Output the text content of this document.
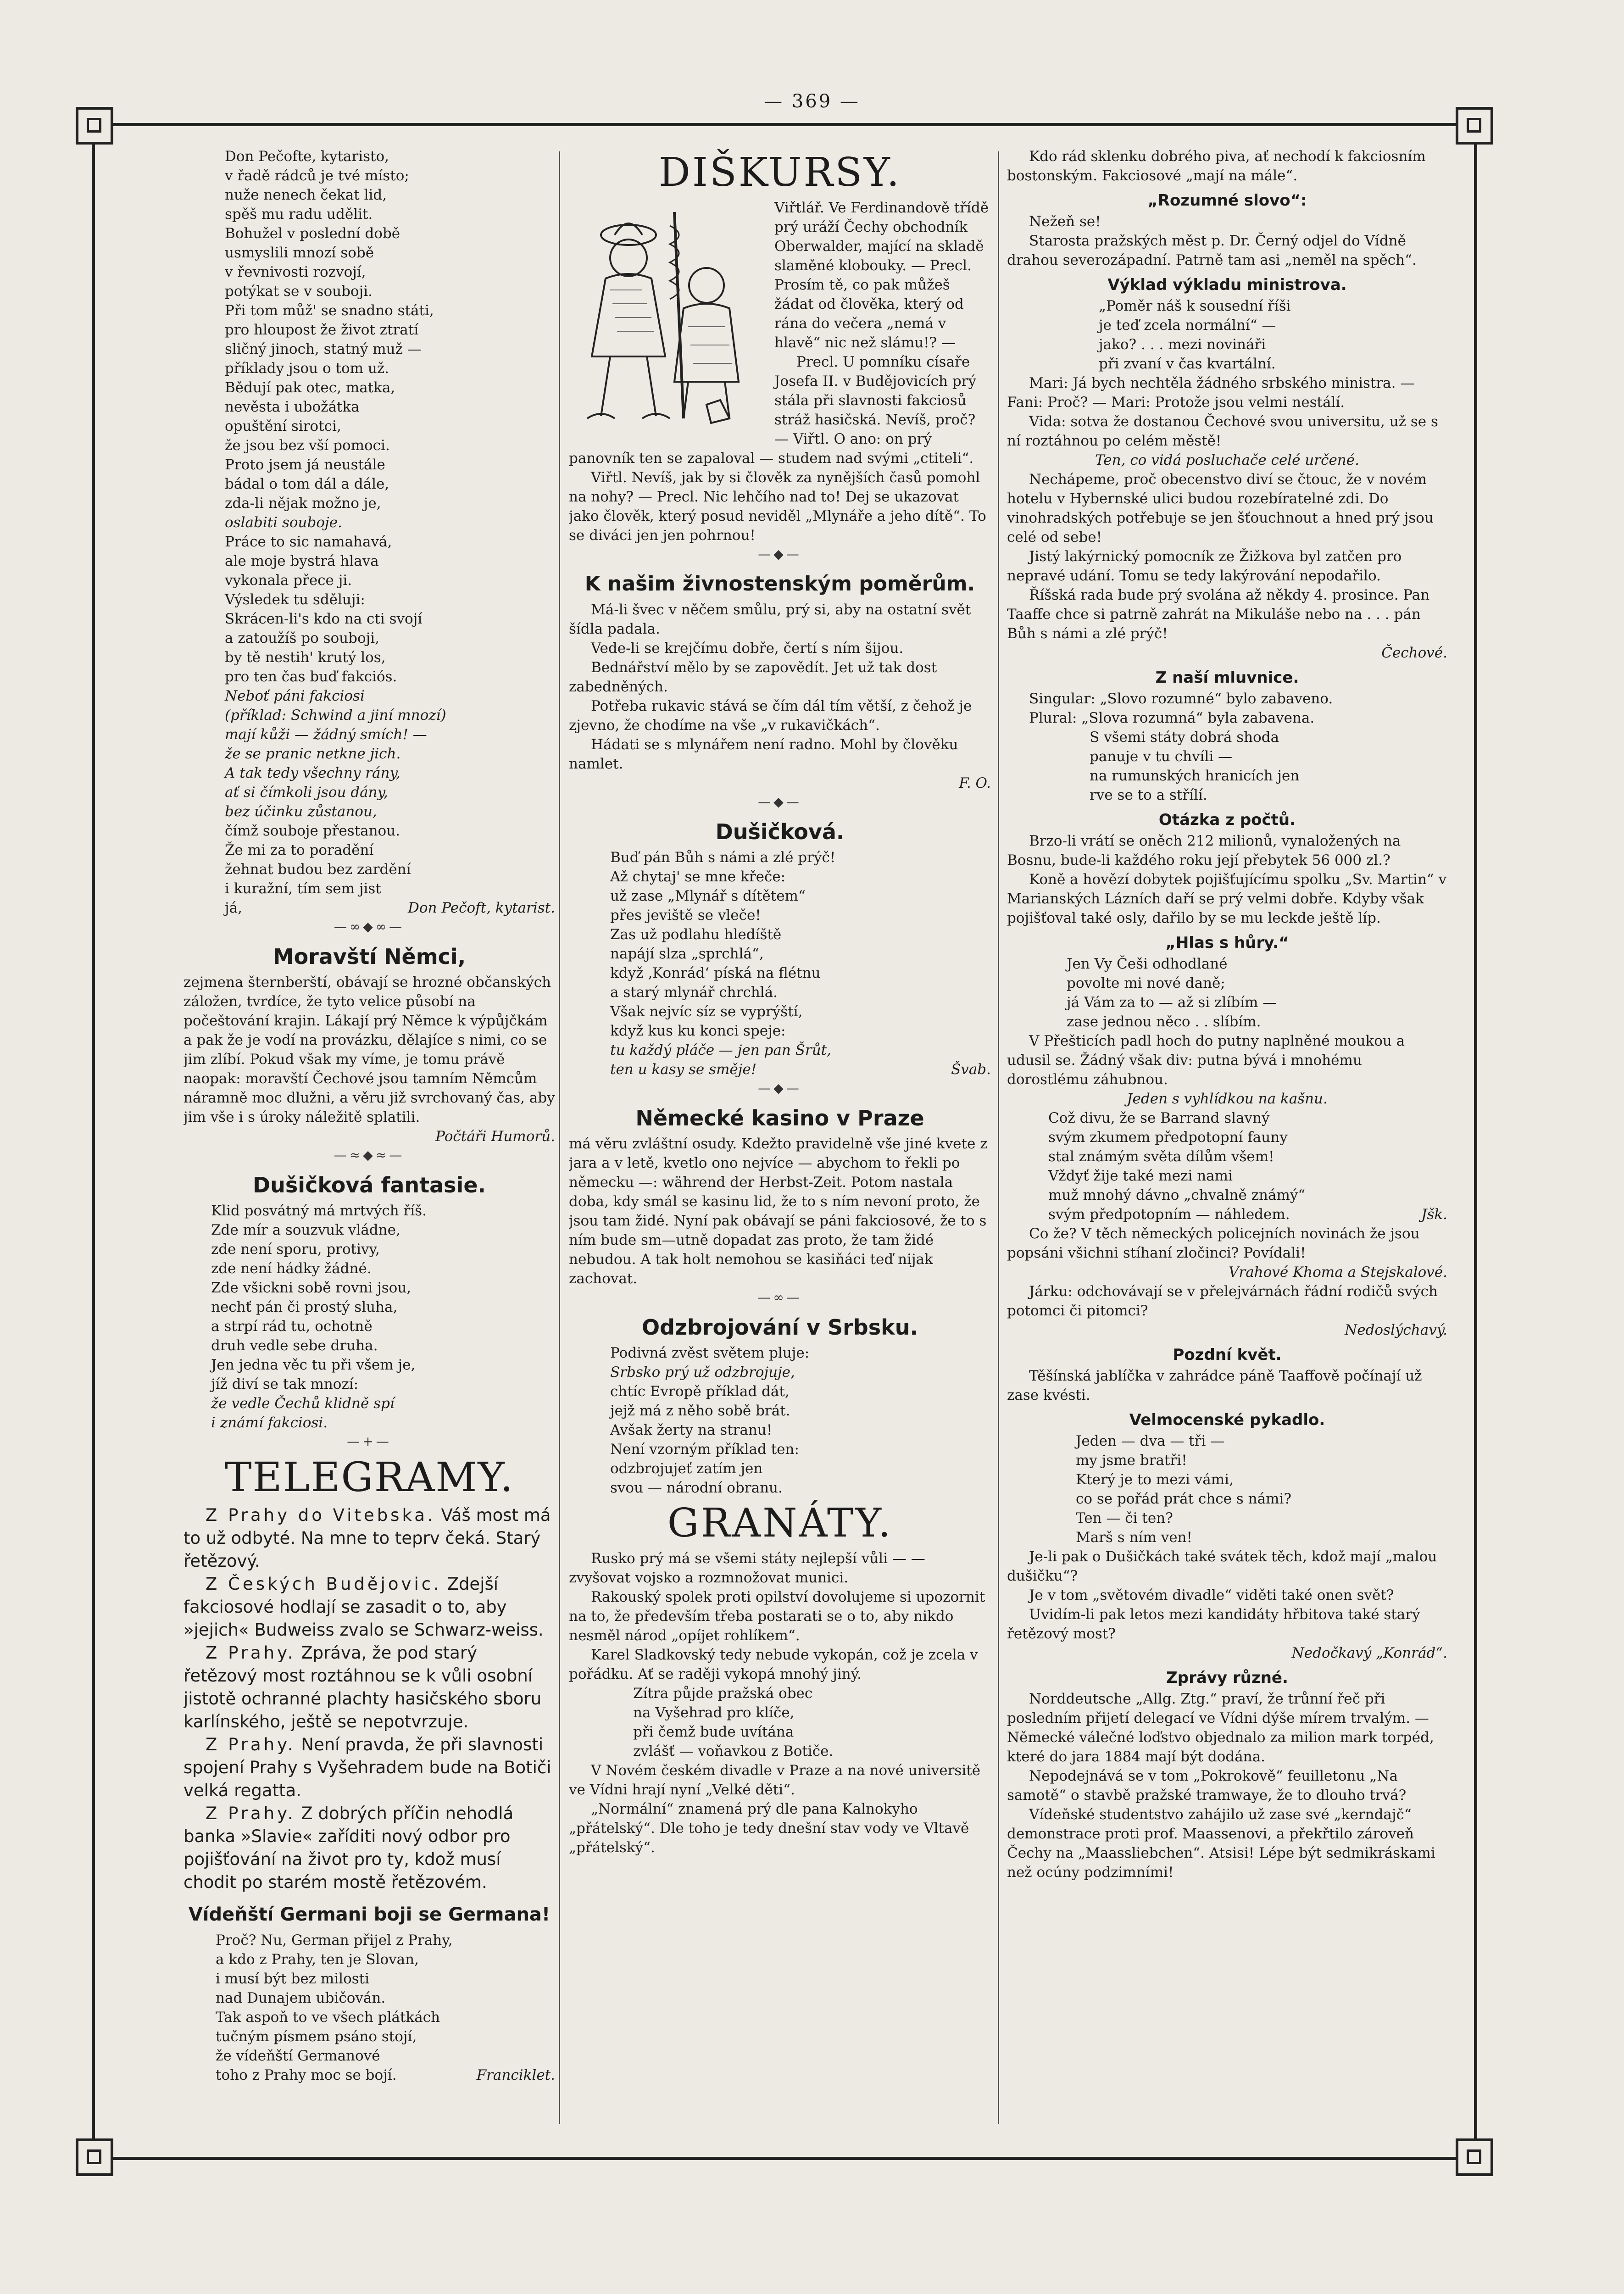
— 369 —
Don Pečofte, kytaristo,
v řadě rádců je tvé místo;
nuže nenech čekat lid,
spěš mu radu udělit.
Bohužel v poslední době
usmyslili mnozí sobě
v řevnivosti rozvojí,
potýkat se v souboji.
Při tom můž' se snadno státi,
pro hloupost že život ztratí
sličný jinoch, statný muž —
příklady jsou o tom už.
Bědují pak otec, matka,
nevěsta i ubožátka
opuštění sirotci,
že jsou bez vší pomoci.
Proto jsem já neustále
bádal o tom dál a dále,
zda-li nějak možno je,
oslabiti souboje.
Práce to sic namahavá,
ale moje bystrá hlava
vykonala přece ji.
Výsledek tu sděluji:
Skrácen-li's kdo na cti svojí
a zatoužíš po souboji,
by tě nestih' krutý los,
pro ten čas buď fakciós.
Neboť páni fakciosi
(příklad: Schwind a jiní mnozí)
mají kůži — žádný smích! —
že se pranic netkne jich.
A tak tedy všechny rány,
ať si čímkoli jsou dány,
bez účinku zůstanou,
čímž souboje přestanou.
Že mi za to poradění
žehnat budou bez zardění
i kuražní, tím sem jist
já,	Don Pečoft, kytarist.
—∞◆∞—
Moravští Němci,

zejmena šternberští, obávají se hrozné občanských záložen, tvrdíce, že tyto velice působí na počeštování krajin. Lákají prý Němce k výpůjčkám a pak že je vodí na provázku, dělajíce s nimi, co se jim zlíbí. Pokud však my víme, je tomu právě naopak: moravští Čechové jsou tamním Němcům náramně moc dlužni, a věru již svrchovaný čas, aby jim vše i s úroky náležitě splatili.

Počtáři Humorů.
—≈◆≈—
Dušičková fantasie.
Klid posvátný má mrtvých říš.
Zde mír a souzvuk vládne,
zde není sporu, protivy,
zde není hádky žádné.
Zde všickni sobě rovni jsou,
nechť pán či prostý sluha,
a strpí rád tu, ochotně
druh vedle sebe druha.
Jen jedna věc tu při všem je,
jíž diví se tak mnozí:
že vedle Čechů klidně spí
i známí fakciosi.
—+—
TELEGRAMY.

Z Prahy do Vitebska. Váš most má to už odbyté. Na mne to teprv čeká. Starý řetězový.

Z Českých Budějovic. Zdejší fakciosové hodlají se zasadit o to, aby »jejich« Budweiss zvalo se Schwarz-weiss.

Z Prahy. Zpráva, že pod starý řetězový most roztáhnou se k vůli osobní jistotě ochranné plachty hasičského sboru karlínského, ještě se nepotvrzuje.

Z Prahy. Není pravda, že při slavnosti spojení Prahy s Vyšehradem bude na Botiči velká regatta.

Z Prahy. Z dobrých příčin nehodlá banka »Slavie« zaříditi nový odbor pro pojišťování na život pro ty, kdož musí chodit po starém mostě řetězovém.

Vídeňští Germani boji se Germana!
Proč? Nu, German přijel z Prahy,
a kdo z Prahy, ten je Slovan,
i musí být bez milosti
nad Dunajem ubičován.
Tak aspoň to ve všech plátkách
tučným písmem psáno stojí,
že vídeňští Germanové
toho z Prahy moc se bojí.	Franciklet.
DIŠKURSY.

Viřtlář. Ve Ferdinandově třídě prý uráží Čechy obchodník Oberwalder, mající na skladě slaměné klobouky. — Precl. Prosím tě, co pak můžeš žádat od člověka, který od rána do večera „nemá v hlavě“ nic než slámu!? —

Precl. U pomníku císaře Josefa II. v Budějovicích prý stála při slavnosti fakciosů stráž hasičská. Nevíš, proč? — Viřtl. O ano: on prý panovník ten se zapaloval — studem nad svými „ctiteli“.

Viřtl. Nevíš, jak by si člověk za nynějších časů pomohl na nohy? — Precl. Nic lehčího nad to! Dej se ukazovat jako člověk, který posud neviděl „Mlynáře a jeho dítě“. To se diváci jen jen pohrnou!

—◆—
K našim živnostenským poměrům.

Má-li švec v něčem smůlu, prý si, aby na ostatní svět šídla padala.

Vede-li se krejčímu dobře, čertí s ním šijou.

Bednářství mělo by se zapovědít. Jet už tak dost zabedněných.

Potřeba rukavic stává se čím dál tím větší, z čehož je zjevno, že chodíme na vše „v rukavičkách“.

Hádati se s mlynářem není radno. Mohl by člověku namlet.

F. O.
—◆—
Dušičková.
Buď pán Bůh s námi a zlé prýč!
Až chytaj' se mne křeče:
už zase „Mlynář s dítětem“
přes jeviště se vleče!
Zas už podlahu hledíště
napájí slza „sprchlá“,
když ‚Konrád‘ píská na flétnu
a starý mlynář chrchlá.
Však nejvíc síz se vyprýští,
když kus ku konci speje:
tu každý pláče — jen pan Šrůt,
ten u kasy se směje!	Švab.
—◆—
Německé kasino v Praze

má věru zvláštní osudy. Kdežto pravidelně vše jiné kvete z jara a v letě, kvetlo ono nejvíce — abychom to řekli po německu —: während der Herbst-Zeit. Potom nastala doba, kdy smál se kasinu lid, že to s ním nevoní proto, že jsou tam židé. Nyní pak obávají se páni fakciosové, že to s ním bude sm—utně dopadat zas proto, že tam židé nebudou. A tak holt nemohou se kasiňáci teď nijak zachovat.

—∞—
Odzbrojování v Srbsku.
Podivná zvěst světem pluje:
Srbsko prý už odzbrojuje,
chtíc Evropě příklad dát,
jejž má z něho sobě brát.
Avšak žerty na stranu!
Není vzorným příklad ten:
odzbrojujeť zatím jen
svou — národní obranu.
GRANÁTY.

Rusko prý má se všemi státy nejlepší vůli — — zvyšovat vojsko a rozmnožovat munici.

Rakouský spolek proti opilství dovolujeme si upozornit na to, že především třeba postarati se o to, aby nikdo nesměl národ „opíjet rohlíkem“.

Karel Sladkovský tedy nebude vykopán, což je zcela v pořádku. Ať se raději vykopá mnohý jiný.

Zítra půjde pražská obec
na Vyšehrad pro klíče,
při čemž bude uvítána
zvlášť — voňavkou z Botiče.

V Novém českém divadle v Praze a na nové universitě ve Vídni hrají nyní „Velké děti“.

„Normální“ znamená prý dle pana Kalnokyho „přátelský“. Dle toho je tedy dnešní stav vody ve Vltavě „přátelský“.

Kdo rád sklenku dobrého piva, ať nechodí k fakciosním bostonským. Fakciosové „mají na mále“.

„Rozumné slovo“:

Nežeň se!

Starosta pražských měst p. Dr. Černý odjel do Vídně drahou severozápadní. Patrně tam asi „neměl na spěch“.

Výklad výkladu ministrova.
„Poměr náš k sousední říši
je teď zcela normální“ —
jako? . . . mezi novináři
při zvaní v čas kvartální.

Mari: Já bych nechtěla žádného srbského ministra. — Fani: Proč? — Mari: Protože jsou velmi nestálí.

Vida: sotva že dostanou Čechové svou universitu, už se s ní roztáhnou po celém městě!

Ten, co vidá posluchače celé určené.

Nechápeme, proč obecenstvo diví se čtouc, že v novém hotelu v Hybernské ulici budou rozebíratelné zdi. Do vinohradských potřebuje se jen šťouchnout a hned prý jsou celé od sebe!

Jistý lakýrnický pomocník ze Žižkova byl zatčen pro nepravé udání. Tomu se tedy lakýrování nepodařilo.

Říšská rada bude prý svolána až někdy 4. prosince. Pan Taaffe chce si patrně zahrát na Mikuláše nebo na . . . pán Bůh s námi a zlé prýč!

Čechové.
Z naší mluvnice.

Singular: „Slovo rozumné“ bylo zabaveno.

Plural: „Slova rozumná“ byla zabavena.

S všemi státy dobrá shoda
panuje v tu chvíli —
na rumunských hranicích jen
rve se to a střílí.
Otázka z počtů.

Brzo-li vrátí se oněch 212 milionů, vynaložených na Bosnu, bude-li každého roku její přebytek 56 000 zl.?

Koně a hovězí dobytek pojišťujícímu spolku „Sv. Martin“ v Marianských Lázních daří se prý velmi dobře. Kdyby však pojišťoval také osly, dařilo by se mu leckde ještě líp.

„Hlas s hůry.“
Jen Vy Češi odhodlané
povolte mi nové daně;
já Vám za to — až si zlíbím —
zase jednou něco . . slíbím.

V Přešticích padl hoch do putny naplněné moukou a udusil se. Žádný však div: putna bývá i mnohému dorostlému záhubnou.

Jeden s vyhlídkou na kašnu.
Což divu, že se Barrand slavný
svým zkumem předpotopní fauny
stal známým světa dílům všem!
Vždyť žije také mezi nami
muž mnohý dávno „chvalně známý“
svým předpotopním — náhledem.	Jšk.

Co že? V těch německých policejních novinách že jsou popsáni všichni stíhaní zločinci? Povídali!

Vrahové Khoma a Stejskalové.

Járku: odchovávají se v přelejvárnách řádní rodičů svých potomci či pitomci?

Nedoslýchavý.
Pozdní květ.

Těšínská jablíčka v zahrádce páně Taaffově počínají už zase kvésti.

Velmocenské pykadlo.
Jeden — dva — tři —
my jsme bratři!
Který je to mezi vámi,
co se pořád prát chce s námi?
Ten — či ten?
Marš s ním ven!

Je-li pak o Dušičkách také svátek těch, kdož mají „malou dušičku“?

Je v tom „světovém divadle“ viděti také onen svět?

Uvidím-li pak letos mezi kandidáty hřbitova také starý řetězový most?

Nedočkavý „Konrád“.
Zprávy různé.

Norddeutsche „Allg. Ztg.“ praví, že trůnní řeč při posledním přijetí delegací ve Vídni dýše mírem trvalým. — Německé válečné loďstvo objednalo za milion mark torpéd, které do jara 1884 mají být dodána.

Nepodejnává se v tom „Pokrokově“ feuilletonu „Na samotě“ o stavbě pražské tramwaye, že to dlouho trvá?

Vídeňské studentstvo zahájilo už zase své „kerndajč“ demonstrace proti prof. Maassenovi, a překřtilo zároveň Čechy na „Maassliebchen“. Atsisi! Lépe být sedmikráskami než ocúny podzimními!
